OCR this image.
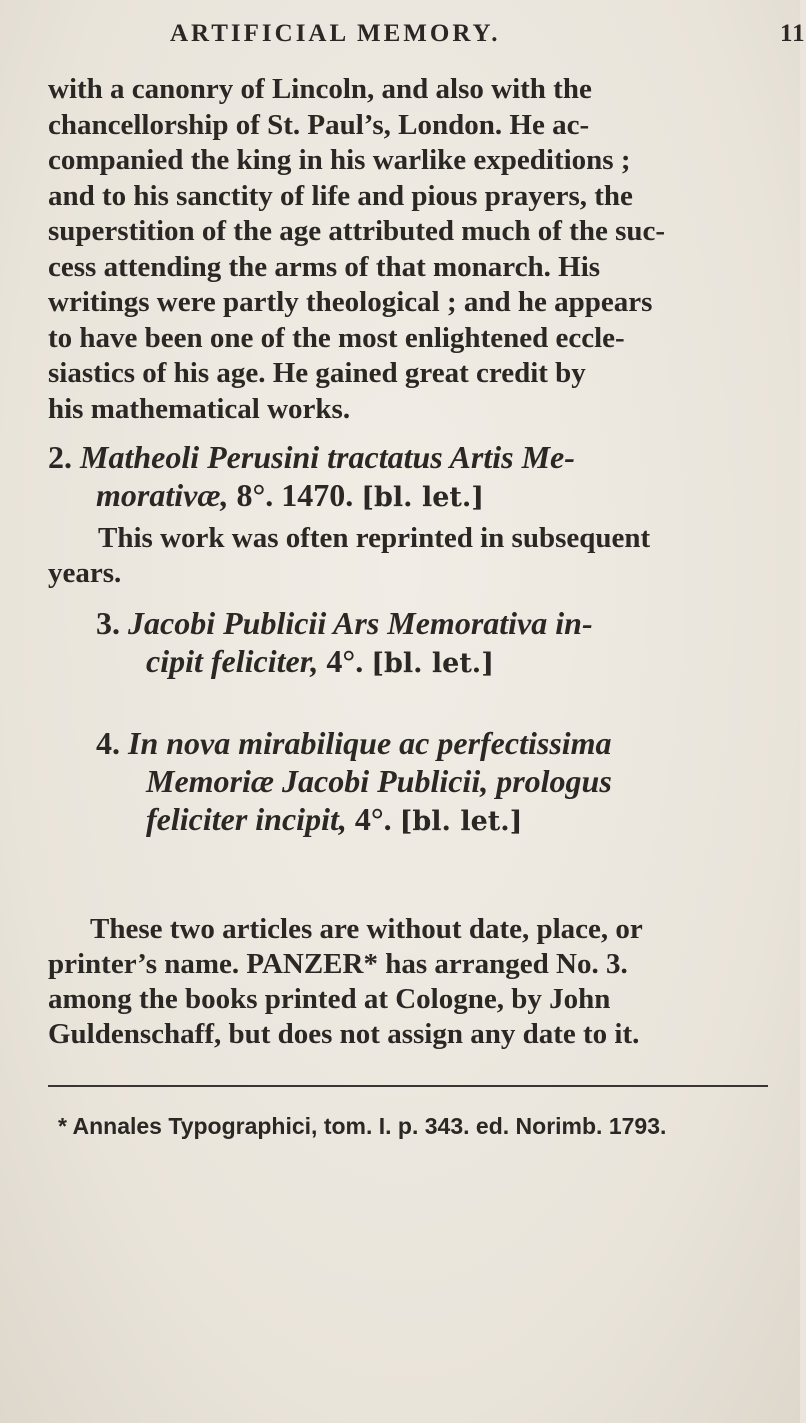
ARTIFICIAL MEMORY.	11

with a canonry of Lincoln, and also with the

chancellorship of St. Paul’s, London. He ac-

companied the king in his warlike expeditions ;

and to his sanctity of life and pious prayers, the

superstition of the age attributed much of the suc-

cess attending the arms of that monarch. His

writings were partly theological ; and he appears

to have been one of the most enlightened eccle-

siastics of his age. He gained great credit by

his mathematical works.

2. Matheoli Perusini tractatus Artis Me-
morativæ, 8°. 1470. [bl. let.]
This work was often reprinted in subsequent
years.
3. Jacobi Publicii Ars Memorativa in-
cipit feliciter, 4°. [bl. let.]
4. In nova mirabilique ac perfectissima
Memoriæ Jacobi Publicii, prologus
feliciter incipit, 4°. [bl. let.]
These two articles are without date, place, or
printer’s name. PANZER* has arranged No. 3.
among the books printed at Cologne, by John
Guldenschaff, but does not assign any date to it.
* Annales Typographici, tom. I. p. 343. ed. Norimb. 1793.
